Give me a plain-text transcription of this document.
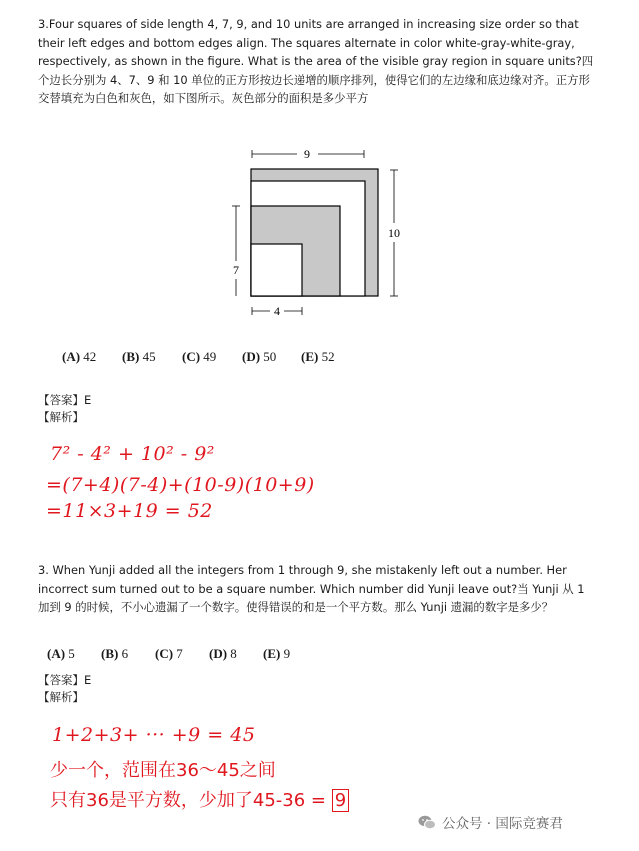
3.Four squares of side length 4, 7, 9, and 10 units are arranged in increasing size order so that their left edges and bottom edges align. The squares alternate in color white-gray-white-gray, respectively, as shown in the figure. What is the area of the visible gray region in square units?四个边长分别为 4、7、9 和 10 单位的正方形按边长递增的顺序排列，使得它们的左边缘和底边缘对齐。正方形交替填充为白色和灰色，如下图所示。灰色部分的面积是多少平方
9
10
7
4
(A) 42 (B) 45 (C) 49 (D) 50 (E) 52
【答案】E
【解析】
7² - 4² + 10² - 9²
=(7+4)(7-4)+(10-9)(10+9)
=11×3+19 = 52
3. When Yunji added all the integers from 1 through 9, she mistakenly left out a number. Her incorrect sum turned out to be a square number. Which number did Yunji leave out?当 Yunji 从 1 加到 9 的时候，不小心遗漏了一个数字。使得错误的和是一个平方数。那么 Yunji 遗漏的数字是多少？
(A) 5 (B) 6 (C) 7 (D) 8 (E) 9
【答案】E
【解析】
1+2+3+ ··· +9 = 45
少一个，范围在36～45之间
只有36是平方数，少加了45-36 = 9
公众号 · 国际竞赛君
